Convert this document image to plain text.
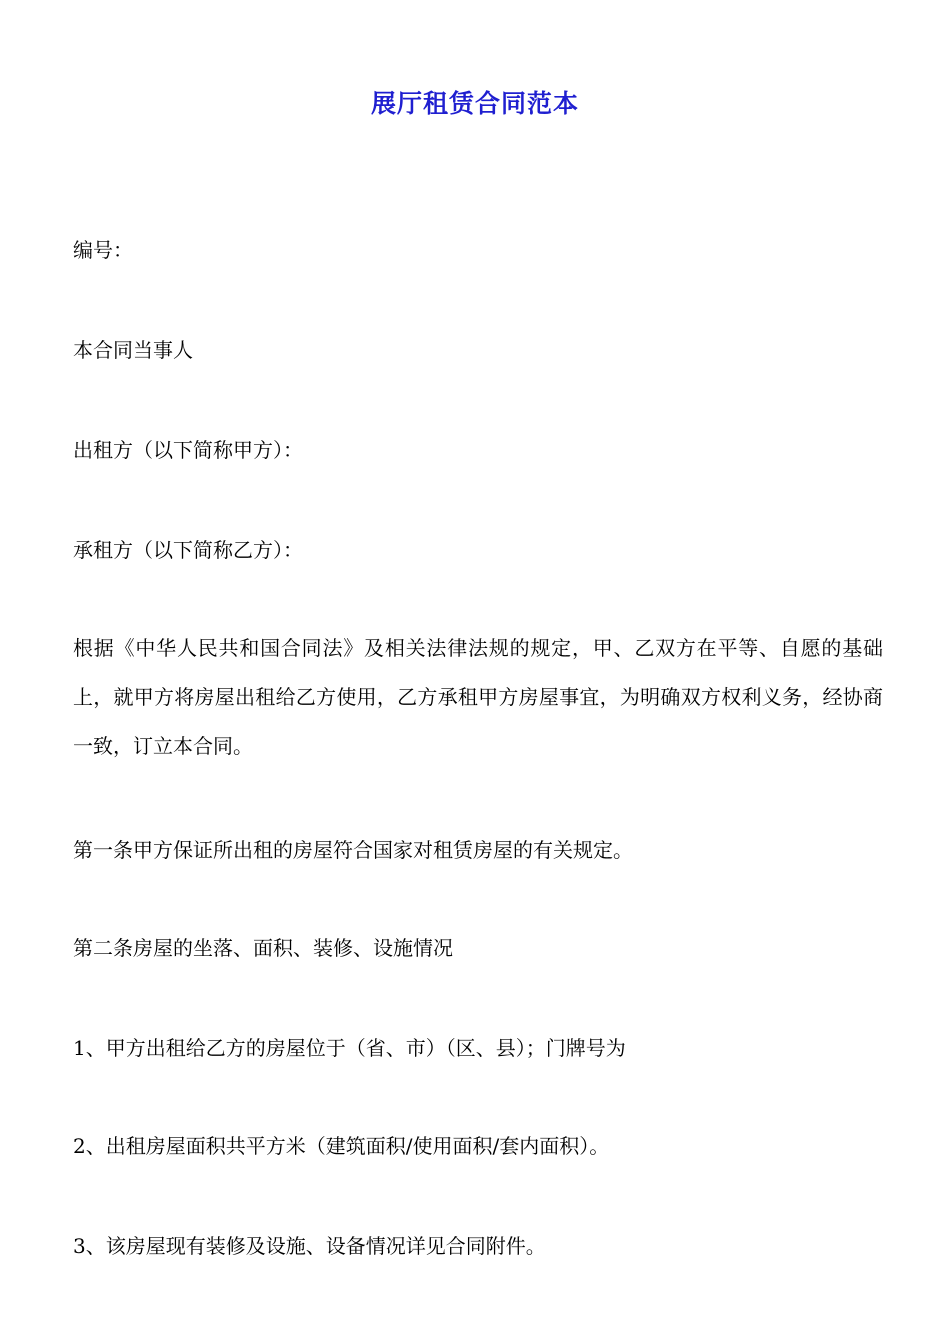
展厅租赁合同范本

编号：

本合同当事人

出租方（以下简称甲方）：

承租方（以下简称乙方）：

根据《中华人民共和国合同法》及相关法律法规的规定，甲、乙双方在平等、自愿的基础上，就甲方将房屋出租给乙方使用，乙方承租甲方房屋事宜，为明确双方权利义务，经协商一致，订立本合同。

第一条甲方保证所出租的房屋符合国家对租赁房屋的有关规定。

第二条房屋的坐落、面积、装修、设施情况

1、甲方出租给乙方的房屋位于（省、市）（区、县）；门牌号为

2、出租房屋面积共平方米（建筑面积/使用面积/套内面积）。

3、该房屋现有装修及设施、设备情况详见合同附件。
